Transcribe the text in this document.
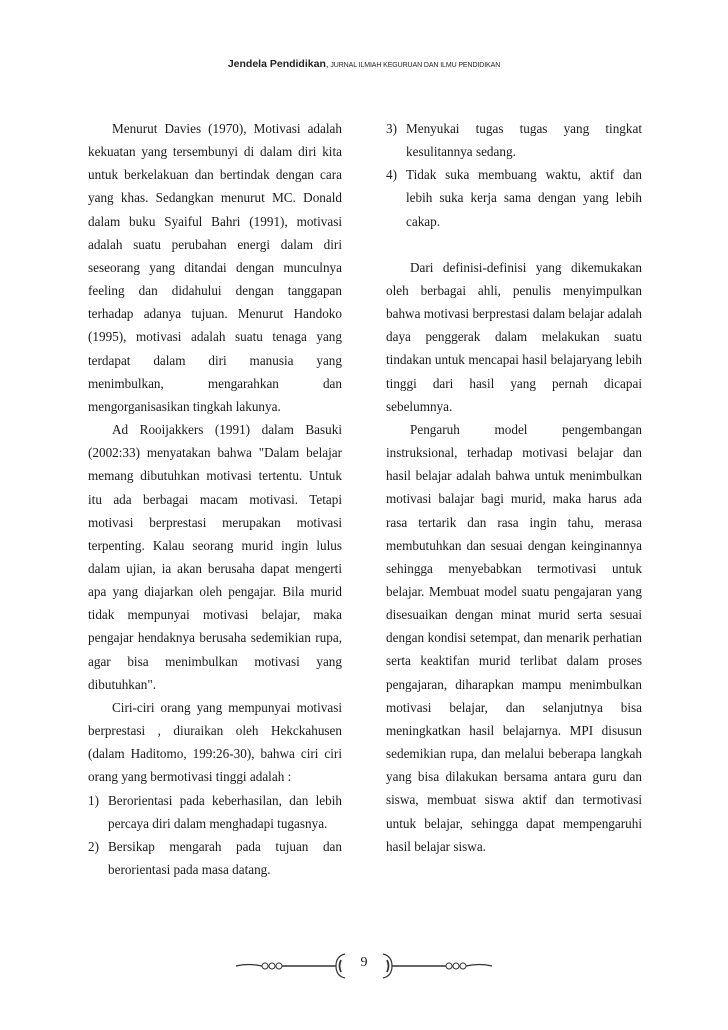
Jendela Pendidikan, JURNAL ILMIAH KEGURUAN DAN ILMU PENDIDIKAN

Menurut Davies (1970), Motivasi adalah kekuatan yang tersembunyi di dalam diri kita untuk berkelakuan dan bertindak dengan cara yang khas. Sedangkan menurut MC. Donald dalam buku Syaiful Bahri (1991), motivasi adalah suatu perubahan energi dalam diri seseorang yang ditandai dengan munculnya feeling dan didahului dengan tanggapan terhadap adanya tujuan. Menurut Handoko (1995), motivasi adalah suatu tenaga yang terdapat dalam diri manusia yang menimbulkan, mengarahkan dan mengorganisasikan tingkah lakunya.

Ad Rooijakkers (1991) dalam Basuki (2002:33) menyatakan bahwa "Dalam belajar memang dibutuhkan motivasi tertentu. Untuk itu ada berbagai macam motivasi. Tetapi motivasi berprestasi merupakan motivasi terpenting. Kalau seorang murid ingin lulus dalam ujian, ia akan berusaha dapat mengerti apa yang diajarkan oleh pengajar. Bila murid tidak mempunyai motivasi belajar, maka pengajar hendaknya berusaha sedemikian rupa, agar bisa menimbulkan motivasi yang dibutuhkan".

Ciri-ciri orang yang mempunyai motivasi berprestasi , diuraikan oleh Hekckahusen (dalam Haditomo, 199:26-30), bahwa ciri ciri orang yang bermotivasi tinggi adalah :

1) Berorientasi pada keberhasilan, dan lebih percaya diri dalam menghadapi tugasnya.
2) Bersikap mengarah pada tujuan dan berorientasi pada masa datang.
3) Menyukai tugas tugas yang tingkat kesulitannya sedang.
4) Tidak suka membuang waktu, aktif dan lebih suka kerja sama dengan yang lebih cakap.

Dari definisi-definisi yang dikemukakan oleh berbagai ahli, penulis menyimpulkan bahwa motivasi berprestasi dalam belajar adalah daya penggerak dalam melakukan suatu tindakan untuk mencapai hasil belajaryang lebih tinggi dari hasil yang pernah dicapai sebelumnya.

Pengaruh model pengembangan instruksional, terhadap motivasi belajar dan hasil belajar adalah bahwa untuk menimbulkan motivasi balajar bagi murid, maka harus ada rasa tertarik dan rasa ingin tahu, merasa membutuhkan dan sesuai dengan keinginannya sehingga menyebabkan termotivasi untuk belajar. Membuat model suatu pengajaran yang disesuaikan dengan minat murid serta sesuai dengan kondisi setempat, dan menarik perhatian serta keaktifan murid terlibat dalam proses pengajaran, diharapkan mampu menimbulkan motivasi belajar, dan selanjutnya bisa meningkatkan hasil belajarnya. MPI disusun sedemikian rupa, dan melalui beberapa langkah yang bisa dilakukan bersama antara guru dan siswa, membuat siswa aktif dan termotivasi untuk belajar, sehingga dapat mempengaruhi hasil belajar siswa.

9
